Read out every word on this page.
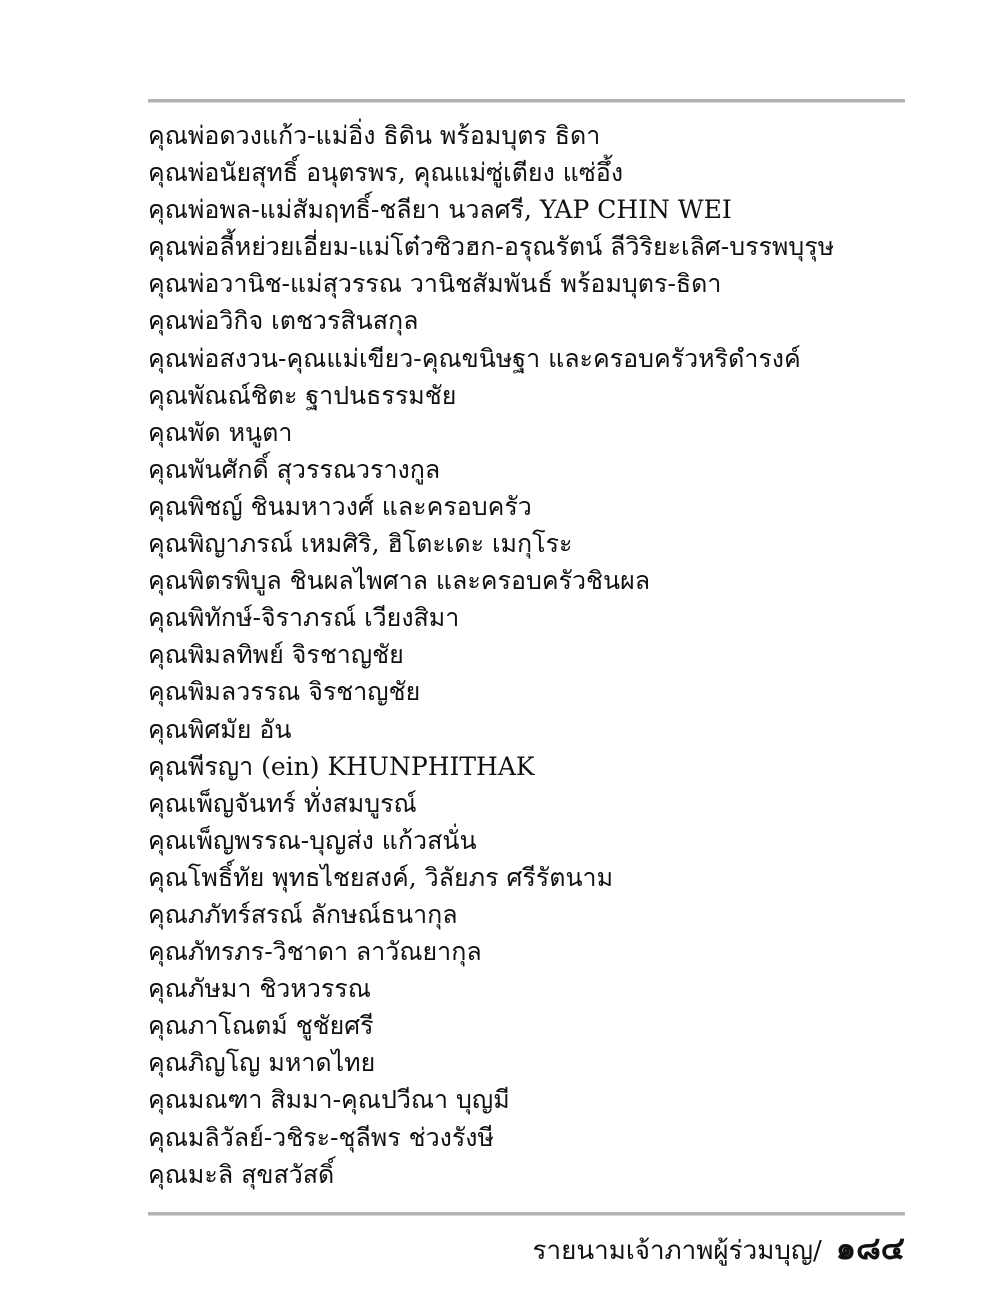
คุณพ่อดวงแก้ว-แม่อิ่ง ธิดิน พร้อมบุตร ธิดา
คุณพ่อนัยสุทธิ์ อนุตรพร, คุณแม่ซู่เตียง แซ่อึ้ง
คุณพ่อพล-แม่สัมฤทธิ์-ชลียา นวลศรี, YAP CHIN WEI
คุณพ่อลี้หย่วยเอี่ยม-แม่โต๋วซิวฮก-อรุณรัตน์ ลีวิริยะเลิศ-บรรพบุรุษ
คุณพ่อวานิช-แม่สุวรรณ วานิชสัมพันธ์ พร้อมบุตร-ธิดา
คุณพ่อวิกิจ เตชวรสินสกุล
คุณพ่อสงวน-คุณแม่เขียว-คุณขนิษฐา และครอบครัวหริดำรงค์
คุณพัณณ์ชิตะ ฐาปนธรรมชัย
คุณพัด หนูตา
คุณพันศักดิ์ สุวรรณวรางกูล
คุณพิชญ์ ชินมหาวงศ์ และครอบครัว
คุณพิญาภรณ์ เหมศิริ, ฮิโตะเดะ เมกุโระ
คุณพิตรพิบูล ชินผลไพศาล และครอบครัวชินผล
คุณพิทักษ์-จิราภรณ์ เวียงสิมา
คุณพิมลทิพย์ จิรชาญชัย
คุณพิมลวรรณ จิรชาญชัย
คุณพิศมัย อัน
คุณพีรญา (ein) KHUNPHITHAK
คุณเพ็ญจันทร์ ทั่งสมบูรณ์
คุณเพ็ญพรรณ-บุญส่ง แก้วสนั่น
คุณโพธิ์ทัย พุทธไชยสงค์, วิลัยภร ศรีรัตนาม
คุณภภัทร์สรณ์ ลักษณ์ธนากุล
คุณภัทรภร-วิชาดา ลาวัณยากุล
คุณภัษมา ชิวหวรรณ
คุณภาโณตม์ ชูชัยศรี
คุณภิญโญ มหาดไทย
คุณมณฑา สิมมา-คุณปวีณา บุญมี
คุณมลิวัลย์-วชิระ-ชุลีพร ช่วงรังษี
คุณมะลิ สุขสวัสดิ์
รายนามเจ้าภาพผู้ร่วมบุญ/ ๑๘๔
